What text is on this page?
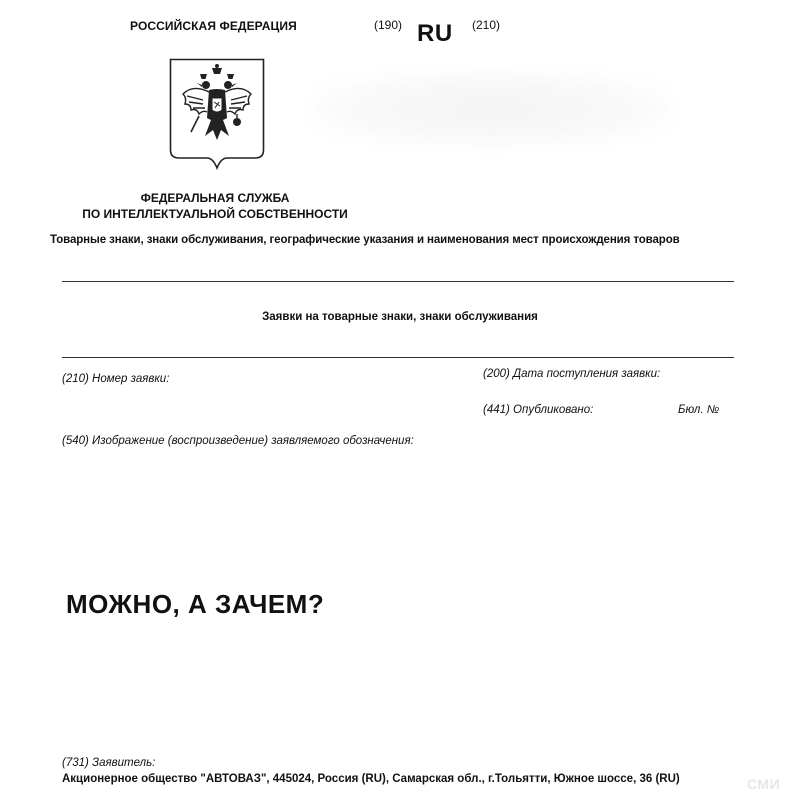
РОССИЙСКАЯ ФЕДЕРАЦИЯ	(190) RU (210)
ФЕДЕРАЛЬНАЯ СЛУЖБА
ПО ИНТЕЛЛЕКТУАЛЬНОЙ СОБСТВЕННОСТИ
Товарные знаки, знаки обслуживания, географические указания и наименования мест происхождения товаров
Заявки на товарные знаки, знаки обслуживания
(210) Номер заявки:	(200) Дата поступления заявки:
(441) Опубликовано:	Бюл. №
(540) Изображение (воспроизведение) заявляемого обозначения:
МОЖНО, А ЗАЧЕМ?
(731) Заявитель:
Акционерное общество "АВТОВАЗ", 445024, Россия (RU), Самарская обл., г.Тольятти, Южное шоссе, 36 (RU)	СМИ
